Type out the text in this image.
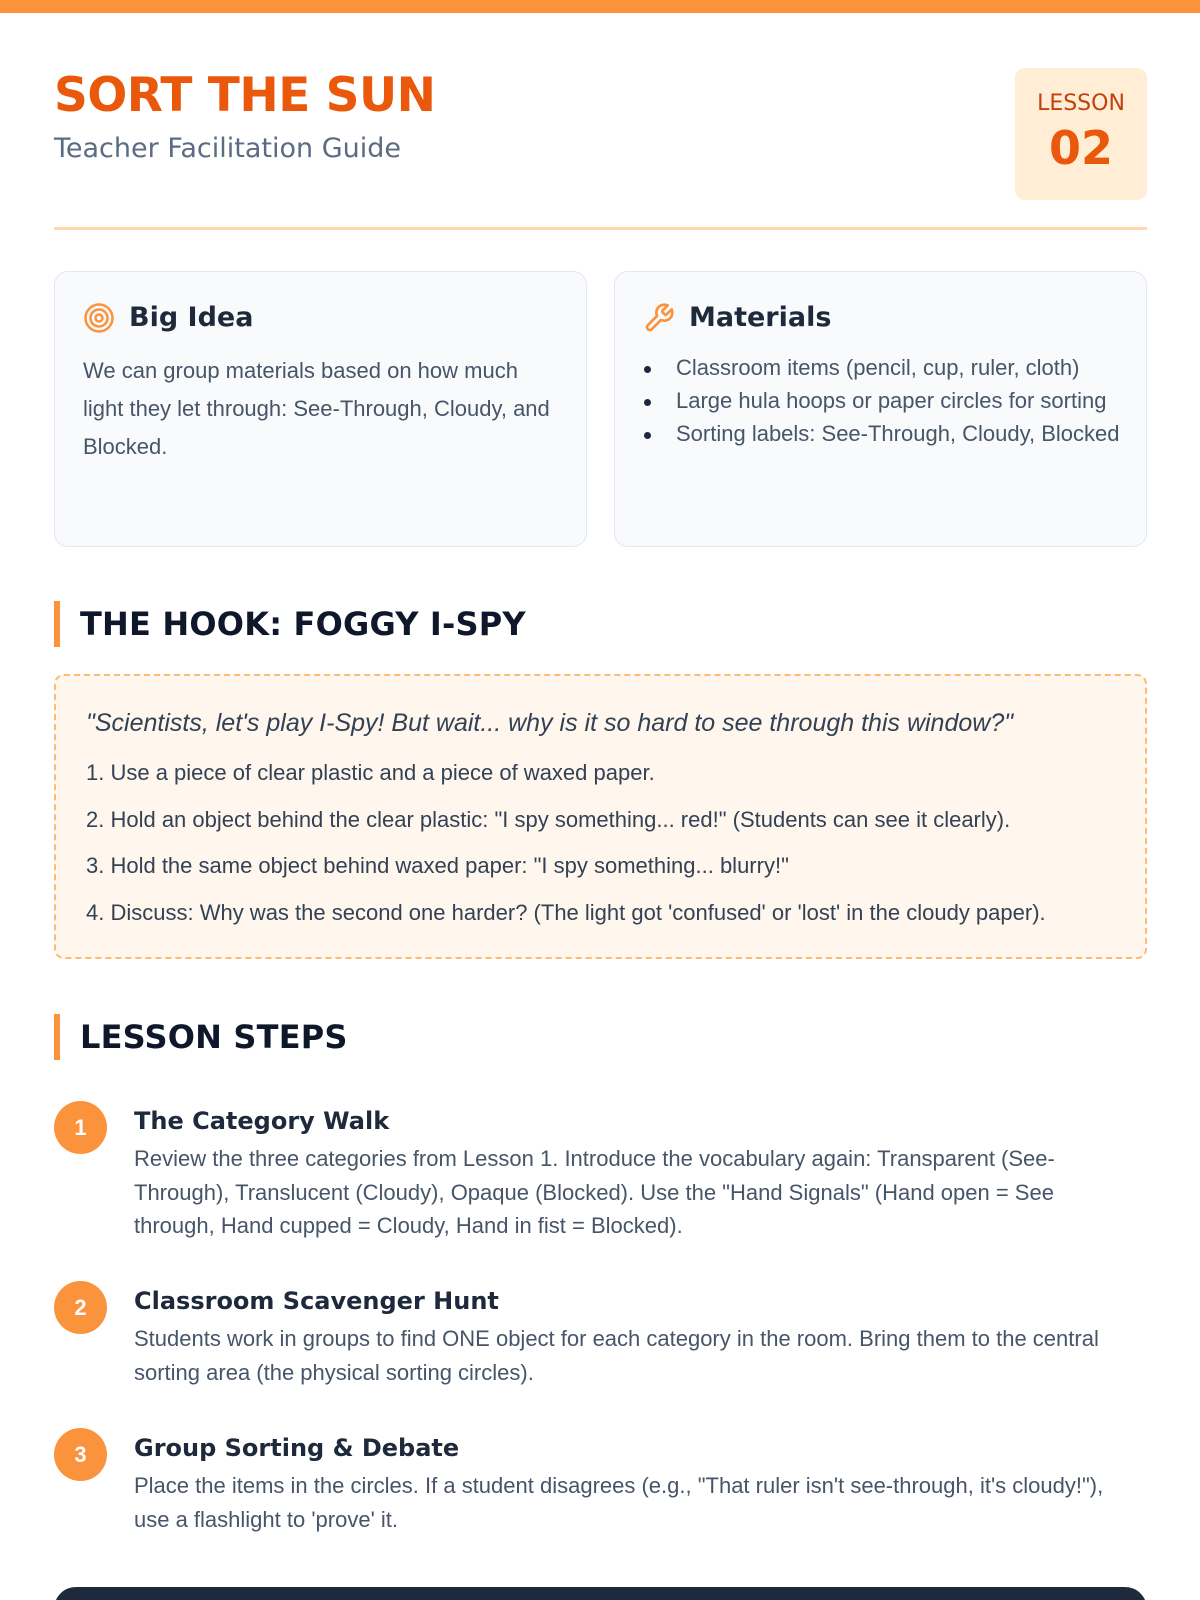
SORT THE SUN
Teacher Facilitation Guide
LESSON
02
Big Idea

We can group materials based on how much light they let through: See-Through, Cloudy, and Blocked.

Materials
Classroom items (pencil, cup, ruler, cloth)
Large hula hoops or paper circles for sorting
Sorting labels: See-Through, Cloudy, Blocked
THE HOOK: FOGGY I-SPY

"Scientists, let's play I-Spy! But wait... why is it so hard to see through this window?"

1. Use a piece of clear plastic and a piece of waxed paper.
2. Hold an object behind the clear plastic: "I spy something... red!" (Students can see it clearly).
3. Hold the same object behind waxed paper: "I spy something... blurry!"
4. Discuss: Why was the second one harder? (The light got 'confused' or 'lost' in the cloudy paper).
LESSON STEPS
1	The Category Walk

Review the three categories from Lesson 1. Introduce the vocabulary again: Transparent (See-Through), Translucent (Cloudy), Opaque (Blocked). Use the "Hand Signals" (Hand open = See through, Hand cupped = Cloudy, Hand in fist = Blocked).

2	Classroom Scavenger Hunt

Students work in groups to find ONE object for each category in the room. Bring them to the central sorting area (the physical sorting circles).

3	Group Sorting & Debate

Place the items in the circles. If a student disagrees (e.g., "That ruler isn't see-through, it's cloudy!"), use a flashlight to 'prove' it.
